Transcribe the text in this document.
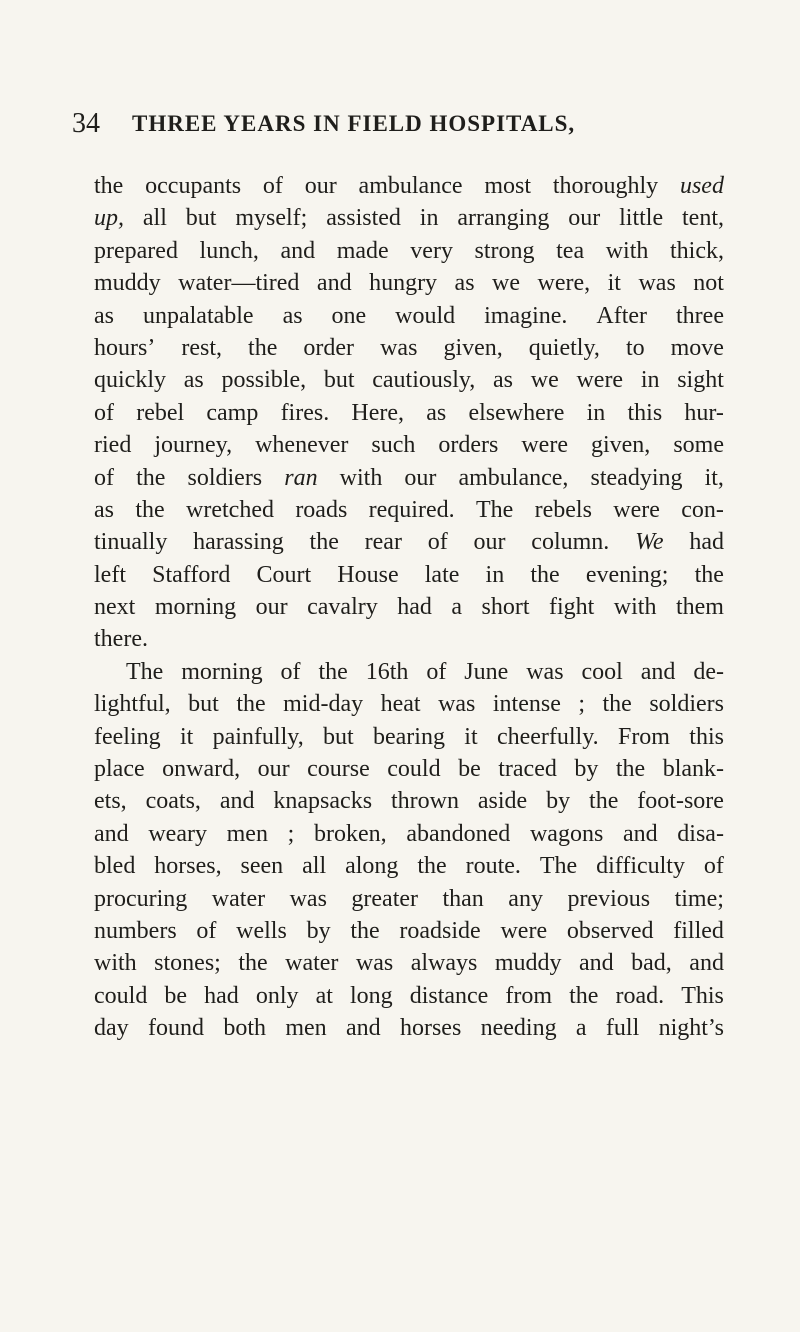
34 THREE YEARS IN FIELD HOSPITALS,
the occupants of our ambulance most thoroughly used
up, all but myself; assisted in arranging our little tent,
prepared lunch, and made very strong tea with thick,
muddy water—tired and hungry as we were, it was not
as unpalatable as one would imagine. After three
hours’ rest, the order was given, quietly, to move
quickly as possible, but cautiously, as we were in sight
of rebel camp fires. Here, as elsewhere in this hur-
ried journey, whenever such orders were given, some
of the soldiers ran with our ambulance, steadying it,
as the wretched roads required. The rebels were con-
tinually harassing the rear of our column. We had
left Stafford Court House late in the evening; the
next morning our cavalry had a short fight with them
there.
The morning of the 16th of June was cool and de-
lightful, but the mid-day heat was intense ; the soldiers
feeling it painfully, but bearing it cheerfully. From this
place onward, our course could be traced by the blank-
ets, coats, and knapsacks thrown aside by the foot-sore
and weary men ; broken, abandoned wagons and disa-
bled horses, seen all along the route. The difficulty of
procuring water was greater than any previous time;
numbers of wells by the roadside were observed filled
with stones; the water was always muddy and bad, and
could be had only at long distance from the road. This
day found both men and horses needing a full night’s
